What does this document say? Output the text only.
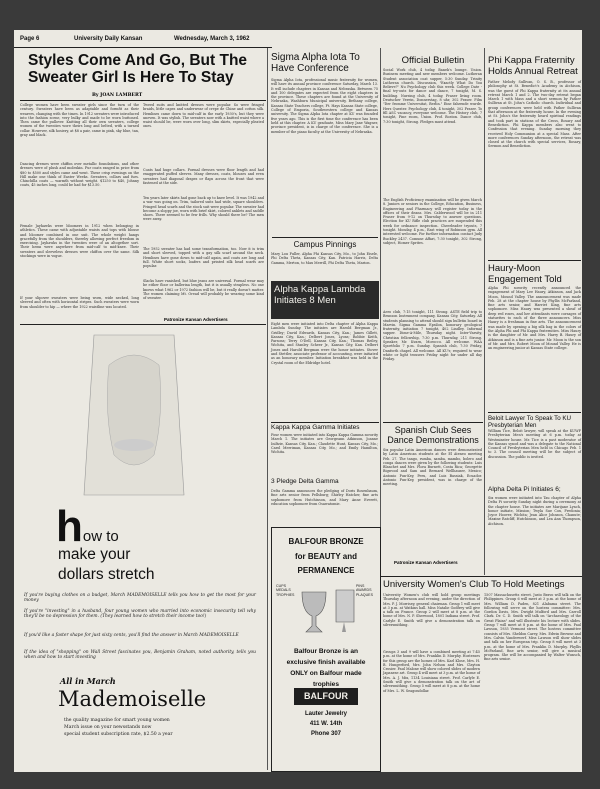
Page 6	University Daily Kansan	Wednesday, March 3, 1962
Styles Come And Go, But The Sweater Girl Is Here To Stay
By JOAN LAMBERT
College women have been sweater girls since the turn of the century. Sweaters have been as adaptable and formfit as their wearers, changing with the times. In 1912 sweaters were introduced into the fashion scene, very bulky and made to be worn buttoned. Then came the pullover. Knitting all their own sweaters, college women of the twenties wore theirs long and belted, with a turned collar. However, silk hosiery, at $8 a pair, came in pink, sky blue, tan, gray and black.
Dancing dresses were chiffon over metallic foundations, and other dresses were of plush and moleskin. Fur coats ranged in price from $80 to $500 and styles came and went. These crisp evenings on the Hill make one think of Easter Weeks. Sweaters, collars and furs. Chinchilla coats — warmth without weight. $1250 to $40, Johnny coats, 45 inches long, could be had for $13.50.
Female Jayhawks were bloomers in 1912 when belonging in athletics. These came with adjustable waists and tops with blouse and bloomer combined in one suit. The whole weight hangs gracefully from the shoulders, thereby allowing perfect freedom in exercising. Jayhawks in the twenties were of an altogether sort. Their hems were anywhere from mid-calf to mid-knee. Their sweaters and sleeveless dresses were chiffon over the same. Silk stockings were in vogue.
If your slipover sweaters were being worn, wide necked, long sleeved and often with horizontal stripes. Such sweaters were worn from shoulder to hip — where the 1922 waistline was located.
Tweed suits and knitted dresses were popular. So were fringed braids, little capes and underwear of crepe de Chine and cotton silk. Hemlines came down to mid-calf in the early 1930's, but they were uneven. It was stylish. The sweaters now with a knitted waist where a waist should be, were worn over long, slim skirts, especially pleated ones.
Coats had huge collars. Formal dresses were floor length and had exaggerated puffed sleeves. Many dresses, coats, blouses and even sweaters had diagonal drapes or flaps across the front that were fastened at the side.
Ten years later skirts had gone back up to knee level. It was 1942 and a war was going on. Trim, tailored suits had wide, square shoulders. Fringed head scarfs and the stock suit were popular. The sweater had become a sloppy joe, worn with brief skirt, colored anklets and saddle shoes. There seemed to be few frills. Why should there be? The men were away.
The 1952 sweater has had some transformation, too. Now it is trim and short sleeved, topped with a gay silk scarf around the neck. Hemlines have gone down to mid-calf again, and coats are long and full. White short socks, loafers and printed silk head scarfs are popular.
Slacks have vanished, but blue jeans are universal. Formal wear may be either floor or ballerina length, but it is usually strapless. No one knows what 1962 or 1972 fashion will be, but it really doesn't matter. The women claiming Mt. Oread will probably be wearing some kind of sweater.
Patronize Kansan Advertisers
how to
make your
dollars stretch
If you're buying clothes on a budget, March MADEMOISELLE tells you how to get the most for your money
If you're "investing" in a husband, four young women who married into economic insecurity tell why they'll be no depression for them. (They learned how to stretch their income too!)
If you'd like a faster shape for just sixty cents, you'll find the answer in March MADEMOISELLE
If the idea of "shopping" on Wall Street fascinates you, Benjamin Graham, noted authority, tells you when and how to start investing
All in March
Mademoiselle
the quality magazine for smart young women
March issue on your newsstands now
special student subscription rate, $2.50 a year
Sigma Alpha Iota To Have Conference
Sigma Alpha Iota, professional music fraternity for women, will have its annual province conference Saturday, March 13. It will include chapters in Kansas and Nebraska. Between 75 and 100 delegates are expected from the eight chapters in the province. These chapters are found at the University of Nebraska, Washburn Municipal university, Bethany college, Kansas State Teachers college, Ft. Hays Kansas State college, College of Emporia, Southwestern college and Kansas university. The Sigma Alpha Iota chapter at KU was founded five years ago. This is the first time the conference has been held at this chapter. A KU graduate, Miss Mary Jane Wagner, province president, is in charge of the conference. She is a member of the piano faculty at the University of Nebraska.
Campus Pinnings
Mary Lou Fuller, Alpha Phi Kansas City, Mo., to John Eisele, Phi Delta Theta, Kansas City, Kan. Patricia Harris, Delta Gamma, Merton, to Max Merrill, Phi Delta Theta, Marion.
Alpha Kappa Lambda Initiates 8 Men
Eight men were initiated into Delta chapter of Alpha Kappa Lambda Sunday. The initiates are Harold Bergman Jr., Gridley; David Edwards, Kansas City, Kan.; James Gillett, Kansas City, Kan.; Delbert Jones, Lyons; Robbie Keith, Parsons; Terry O'Dell, Kansas City, Kan.; Thomas Reiley, Wichita, and Stanley Scheer Jr., Kansas City, Kan. Delbert Jones and Harold Bergman were the honor initiates. Stover and Stettler, associate professor of accounting, were initiated as an honorary member. Initiation breakfast was held in the Crystal room of the Eldridge hotel.
Kappa Kappa Gamma Initiates
Four women were initiated into Kappa Kappa Gamma sorority March 1. The initiates are Georgeann Atkinson, Joanne Iniltzie, Kansas City, Kan.; Claudette Hunt, Kansas City, Mo.; Carol Merriman, Kansas City, Mo.; and Emily Hamilton, Wichita.
3 Pledge Delta Gamma
Delta Gamma announces the pledging of Doris Rosenbaum, fine arts senior from Pellsburg; Shirley Hatcher, fine arts sophomore from Hutchinson, and Mary Anne Everett, education sophomore from Osawatomie.
BALFOUR BRONZE
for BEAUTY and
PERMANENCE
CUPS
MEDALS
TROPHIES
PINS
AWARDS
PLAQUES
Balfour Bronze is an exclusive finish available ONLY on Balfour made trophies
BALFOUR
Lauter Jewelry
411 W. 14th
Phone 307
Official Bulletin
Social Work club, 4 today, Banek's lounge. Union. Business meeting and new members welcome. Lutheran Student association coat supper, 5:30 Sunday. Trinity Lutheran church. Discussion, "Exactly What Do You Believe?" Nu Psychology club this week. College Date - final try-outs for dance and dance, 7 tonight, M. S. building. Nursing club, 4 today, Fraser living room. Deutscher Verein, Donnerstag, 8 uhr, 302 Fraser. Film "Der fromme Universitat, Berlin." Eine fahrende wurde. Herz Quester. Psychology club, 4 tonight, 302 Fraser. To fill ASC vacancy, everyone welcome. The History club, 7 tonight, Pine room, Union. Prof. Boston. Dance club, 7:30 tonight, Strong. Pledges must attend.
The English Proficiency examination will be given March 8. Juniors or seniors in the College, Education, Business, Engineering and Pharmacy will register today in the offices of their deans. Mrs. Calderwood will be in 211 Fraser from 9-12 on Thursday to answer questions. Election for KU Rifle club practices are suspended this week for ordnance inspection. Cheerleader tryouts, 7 tonight. Monday, 4 p.m., East wing of Robinson gym. All interested welcome. For further information contact Judy Buckley 2437. Comune Affari, 7:30 tonight, 302 Strong, subject, Homer Sprites.
Aero club, 7:15 tonight, 111 Strong. ASTE field trip to Brunson Instrument company, Kansas City, Saturday. All students planning to attend should sign bulletin board in Marvin. Sigma Gamma Epsilon, honorary geological fraternity, initiation 7 tonight, 402 Lindley. Informal supper. Dime-A-Mile, Thursday night. Inter-Varsity, Christian fellowship, 7:30 p.m. Thursday, 211 Strong. Speaker, Mr. Kvarn, Morocco. All welcome. WAA Sportfolio 7 p.m. Sunday. Spanish club, 7:30 Friday, Danforth chapel. All welcome. All KU's; required to wear white or light trousers Friday night for under all day Friday.
Spanish Club Sees Dance Demonstrations
Six popular Latin American dances were demonstrated by Latin American students at the El Ateneo meeting Feb. 27. The tango, rumba, samba, mambo, bolero and conga dances were given by the following students: Luis Blanchet and Mrs. Flora Burnett, Costa Rica; Georgette Bigwood and Sam and Bernard Wellhauser, Mexico; Antonio Pun-Key, Peru, and Luis Bassiak, Ecuador. Antonio Pun-Key, president, was in charge of the meeting.
Patronize Kansan Advertisers
Phi Kappa Fraternity Holds Annual Retreat
Father Melody Sullivan, O. S. B., professor of philosophy at St. Benedict's Academy in Atchison, was the guest of Phi Kappa fraternity at its annual retreat March 1 and 2. The two-day retreat began March 1 with Mass and a short sermon by Father Sullivan at St. John's Catholic church. Individual and group conferences were held with Father Sullivan that afternoon at the fraternity house. In the evening at St. John's the fraternity heard spiritual readings and took part in stations of the Cross, Rosary and Benediction. Phi Kappa members also went to Confession that evening. Sunday morning they received Holy Communion at a special Mass. After more conferences Sunday afternoon, the retreat was closed at the church with special services, Rosary, Sermon and Benediction.
Haury-Moon Engagement Told
Alpha Phi sorority recently announced the engagement of Mary Lee Haury, Atkinson, and Jack Moon, Mound Valley. The announcement was made Feb. 28 at the chapter house by Phyllis McFarland, fine arts senior, and Harriet King, fine arts sophomore. Miss Haury was presented a sheaf of deep red roses, and her attendants were corsages of statuettes to each of the three announcers. Miss Haury is a freshman in fine arts. The announcement was made by opening a big silk bag in the colors of the Alpha Phi and Phi Kappa fraternities. Miss Haury is the daughter of Mr. and Mrs. Harry B. Haury of Atkinson and is a fine arts junior. Mr. Moon is the son of Mr. and Mrs. Robert Moon of Mound Valley. He is an engineering junior at Kansas State college.
Beloit Lawyer To Speak To KU Presbyterian Men
William Tice, Beloit lawyer, will speak at the KUWF Presbyterian Men's meeting at 6 p.m. today at Westminster house. Mr. Tice is a past moderator of the Kansas synod and was a delegate to the National Council of Presbyterian Men held in Chicago Feb. 1 to 3. The council meeting will be the subject of discussion. The public is invited.
Alpha Delta Pi Initiates 6;
Six women were initiated into Tau chapter of Alpha Delta Pi sorority Sunday night during a ceremony at the chapter house. The initiates are Marijane Lynch, honor initiate, Mission; Twyla Sue Cox, Fredonia; Joyce Hoover, Wichita; Jean Alice Johnson, Chanute; Maxine Ratcliff, Hutchinson, and Lea Ann Thompson, Atchison.
University Women's Club To Hold Meetings
University Women's club will hold group meetings Thursday afternoon and evening, under the direction of Mrs. P. J. Morrisey, general chairman. Group 1 will meet at 3 p.m. at Watkins hall. Miss Natalie Godfrey will give a talk on France. Group 2 will meet at 8 p.m. at the home of Mrs. N. P. Sherwood, 1801 Indiana street. Prof. Carlyle E. Smith will give a demonstration talk on silversmithing.
Groups 3 and 9 will have a combined meeting at 7:45 p.m. at the home of Mrs. Franklin D. Murphy. Hostesses for this group are the homes of Mrs. Karl Klose, Mrs. H. B. Hungerford, Mrs. John Nelson and Mrs. Clayton Crosier. Paul Malone will show colored slides of modern Japanese art. Group 4 will meet at 3 p.m. at the home of Mrs. A. J. Mix, 1134 Louisiana street. Prof. Carlyle E. Smith will give a demonstration talk on the art of silversmithing. Group 5 will meet at 8 p.m. at the home of Mrs. L. W. Seagondollar.
1507 Massachusetts street. Justo Bravo will talk on the Philippines. Group 6 will meet at 3 p.m. at the home of Mrs. William D. Paden, 821 Alabama street. The following will serve on the hostess committee: Mrs. Gordon Davis, Mrs. Dwight Mulford and Mrs. Carroll Clark. Dr. C. D. Smith will talk on "Archaeology of the Great Plains" and will illustrate his lecture with slides. Group 7 will meet at 8 p.m. at the home of Mrs. Paul Lawson, 1935 Vermont street. The hostess committee consists of Mrs. Sheldon Carey, Mrs. Edwin Browne and Mrs. Calvin Vanderwerf. Miss Lawson will show slides and talk on her European trip. Group 8 will meet at 3 p.m. at the home of Mrs. Franklin D. Murphy. Phyllis McFarland, fine arts senior, will give a musical program. She will be accompanied by Walter Wunsch, fine arts senior.
